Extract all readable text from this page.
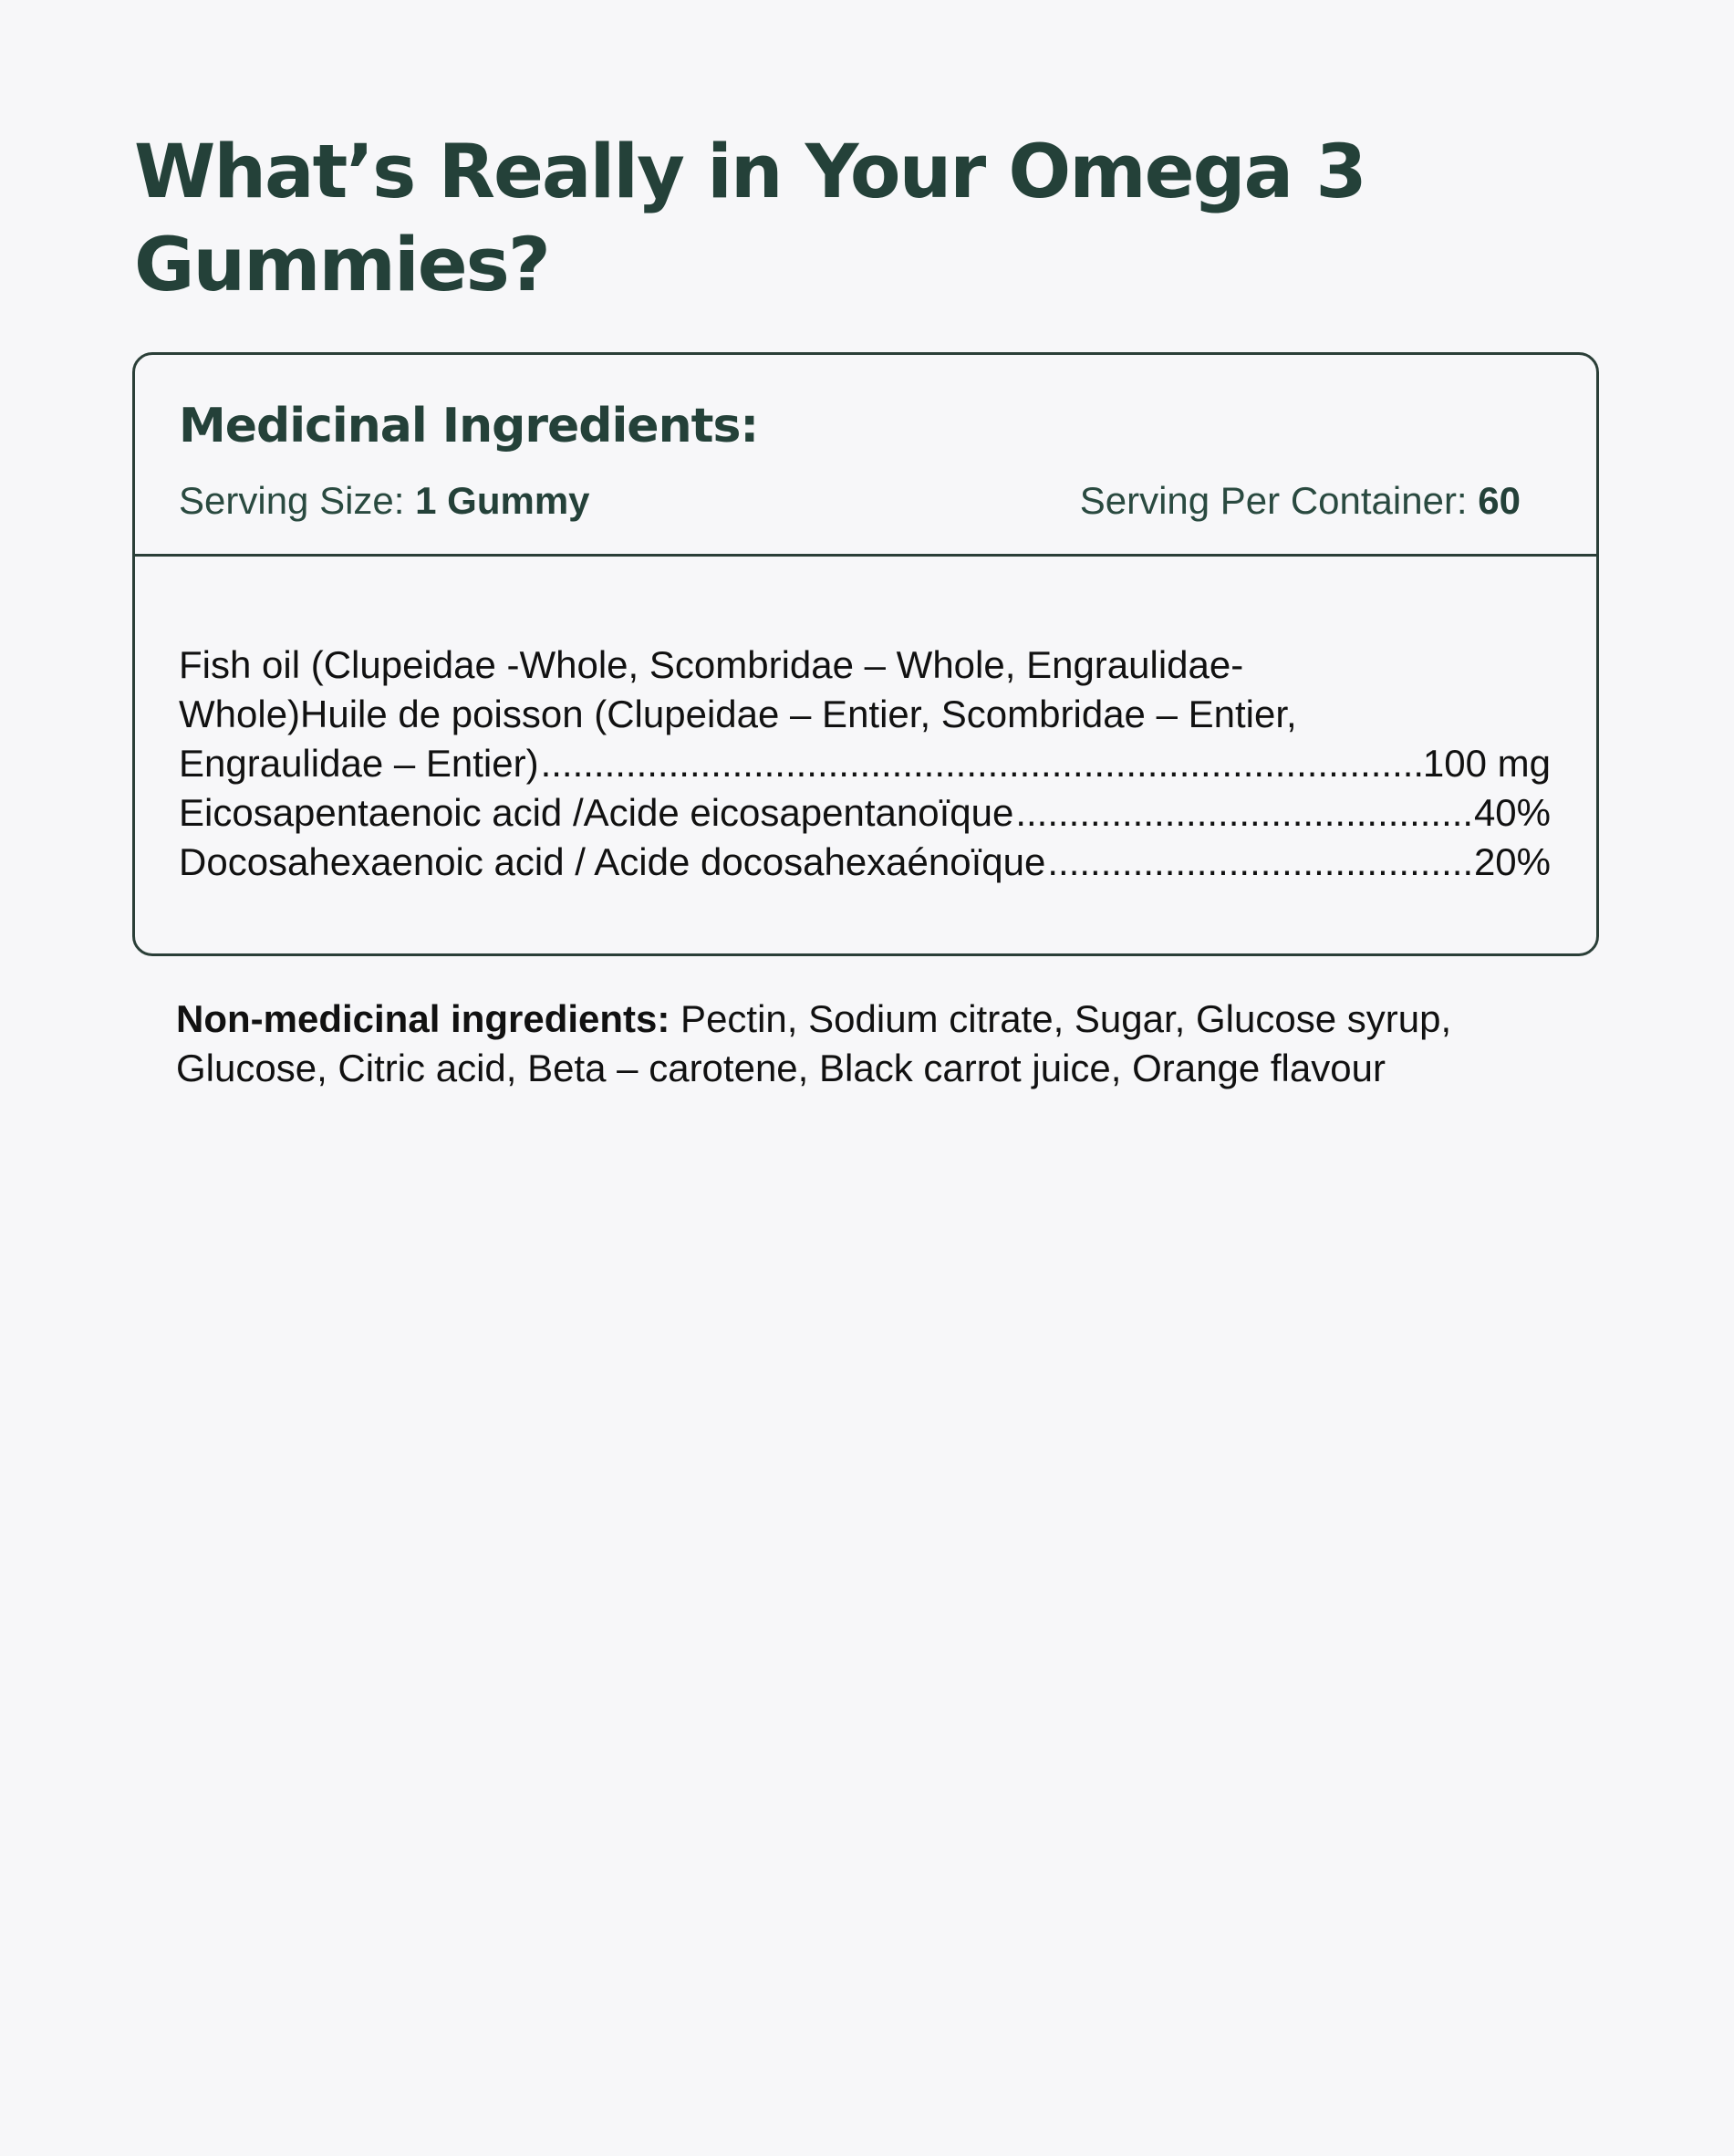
What’s Really in Your Omega 3 Gummies?
Medicinal Ingredients:
Serving Size: 1 Gummy	Serving Per Container: 60
Fish oil (Clupeidae -Whole, Scombridae – Whole, Engraulidae-
Whole)Huile de poisson (Clupeidae – Entier, Scombridae – Entier,
Engraulidae – Entier) .....	100 mg
Eicosapentaenoic acid /Acide eicosapentanoïque .....	40%
Docosahexaenoic acid / Acide docosahexaénoïque .....	20%

Non-medicinal ingredients: Pectin, Sodium citrate, Sugar, Glucose syrup, Glucose, Citric acid, Beta – carotene, Black carrot juice, Orange flavour
